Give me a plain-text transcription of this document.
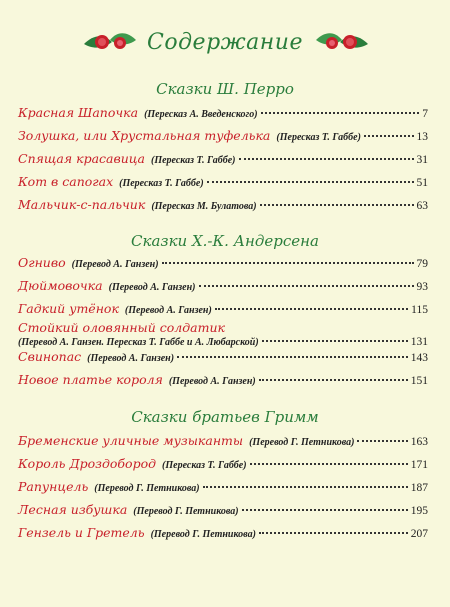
Содержание
Сказки Ш. Перро
Красная Шапочка (Пересказ А. Введенского)	7
Золушка, или Хрустальная туфелька (Пересказ Т. Габбе)	13
Спящая красавица (Пересказ Т. Габбе)	31
Кот в сапогах (Пересказ Т. Габбе)	51
Мальчик-с-пальчик (Пересказ М. Булатова)	63
Сказки Х.-К. Андерсена
Огниво (Перевод А. Ганзен)	79
Дюймовочка (Перевод А. Ганзен)	93
Гадкий утёнок (Перевод А. Ганзен)	115
Стойкий оловянный солдатик
(Перевод А. Ганзен. Пересказ Т. Габбе и А. Любарской)	131
Свинопас (Перевод А. Ганзен)	143
Новое платье короля (Перевод А. Ганзен)	151
Сказки братьев Гримм
Бременские уличные музыканты (Перевод Г. Петникова)	163
Король Дроздобород (Пересказ Т. Габбе)	171
Рапунцель (Перевод Г. Петникова)	187
Лесная избушка (Перевод Г. Петникова)	195
Гензель и Гретель (Перевод Г. Петникова)	207
